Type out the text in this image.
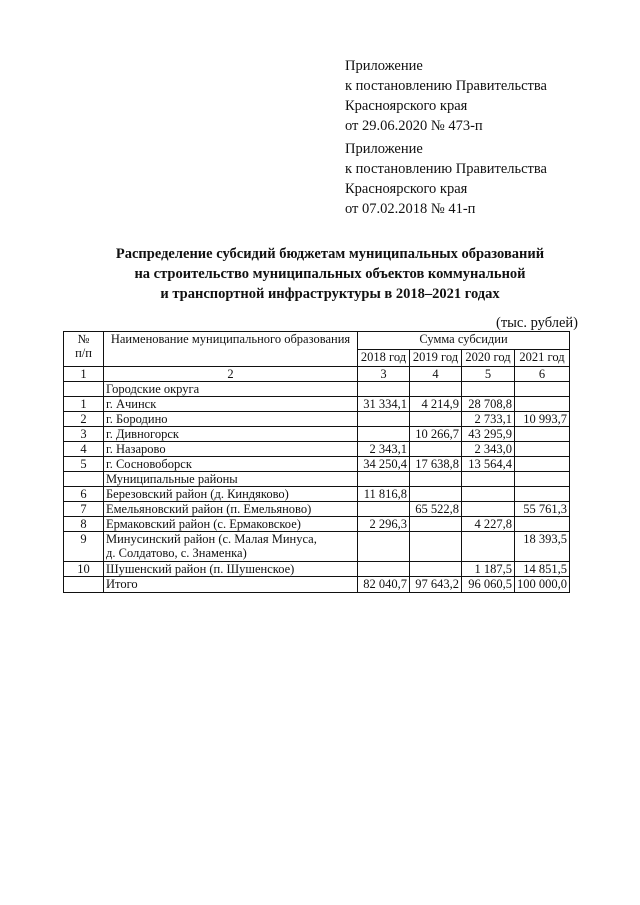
Приложение
к постановлению Правительства
Красноярского края
от 29.06.2020 № 473-п
Приложение
к постановлению Правительства
Красноярского края
от 07.02.2018 № 41-п
Распределение субсидий бюджетам муниципальных образований
на строительство муниципальных объектов коммунальной
и транспортной инфраструктуры в 2018–2021 годах
(тыс. рублей)
№
п/п	Наименование муниципального образования	Сумма субсидии			
		2018 год	2019 год	2020 год	2021 год
1	2	3	4	5	6
	Городские округа				
1	г. Ачинск	31 334,1	4 214,9	28 708,8	
2	г. Бородино			2 733,1	10 993,7
3	г. Дивногорск		10 266,7	43 295,9	
4	г. Назарово	2 343,1		2 343,0	
5	г. Сосновоборск	34 250,4	17 638,8	13 564,4	
	Муниципальные районы				
6	Березовский район (д. Киндяково)	11 816,8			
7	Емельяновский район (п. Емельяново)		65 522,8		55 761,3
8	Ермаковский район (с. Ермаковское)	2 296,3		4 227,8	
9	Минусинский район (с. Малая Минуса,
д. Солдатово, с. Знаменка)				18 393,5
10	Шушенский район (п. Шушенское)			1 187,5	14 851,5
	Итого	82 040,7	97 643,2	96 060,5	100 000,0
